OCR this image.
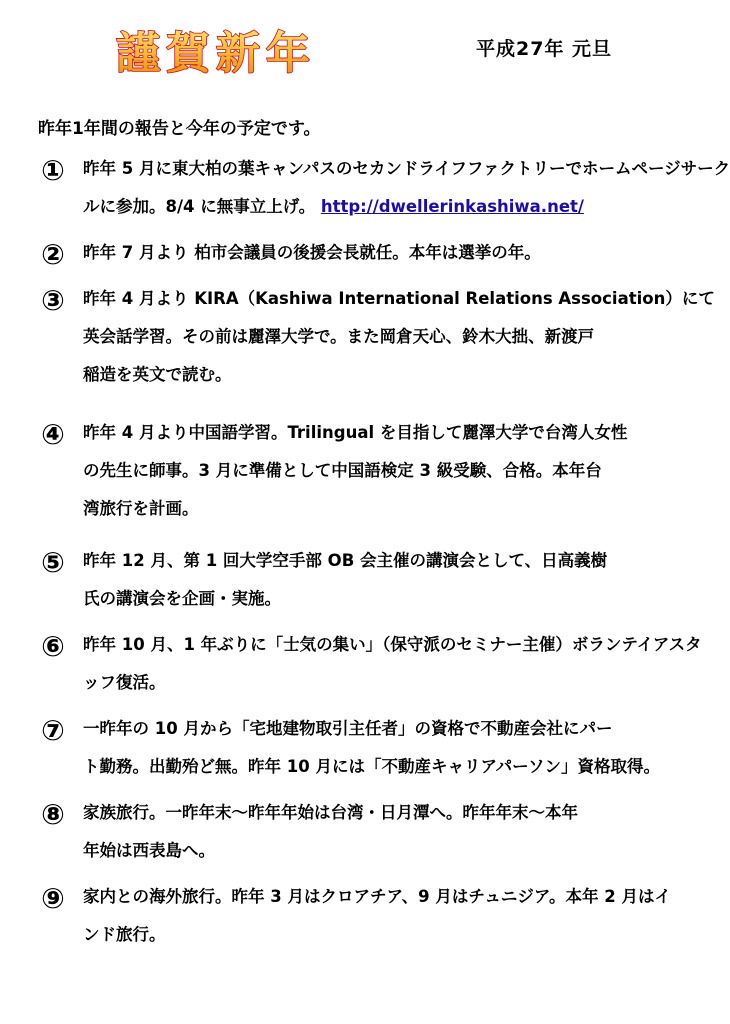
謹賀新年	平成27年 元旦
昨年1年間の報告と今年の予定です。
① 昨年 5 月に東大柏の葉キャンパスのセカンドライフファクトリーでホームページサーク
ルに参加。8/4 に無事立上げ。 http://dwellerinkashiwa.net/
② 昨年 7 月より 柏市会議員の後援会長就任。本年は選挙の年。
③ 昨年 4 月より KIRA（Kashiwa International Relations Association）にて
英会話学習。その前は麗澤大学で。また岡倉天心、鈴木大拙、新渡戸
稲造を英文で読む。
④ 昨年 4 月より中国語学習。Trilingual を目指して麗澤大学で台湾人女性
の先生に師事。3 月に準備として中国語検定 3 級受験、合格。本年台
湾旅行を計画。
⑤ 昨年 12 月、第 1 回大学空手部 OB 会主催の講演会として、日高義樹
氏の講演会を企画・実施。
⑥ 昨年 10 月、1 年ぶりに「士気の集い」（保守派のセミナー主催）ボランテイアスタ
ッフ復活。
⑦ 一昨年の 10 月から「宅地建物取引主任者」の資格で不動産会社にパー
ト勤務。出勤殆ど無。昨年 10 月には「不動産キャリアパーソン」資格取得。
⑧ 家族旅行。一昨年末～昨年年始は台湾・日月潭へ。昨年年末～本年
年始は西表島へ。
⑨ 家内との海外旅行。昨年 3 月はクロアチア、9 月はチュニジア。本年 2 月はイ
ンド旅行。
